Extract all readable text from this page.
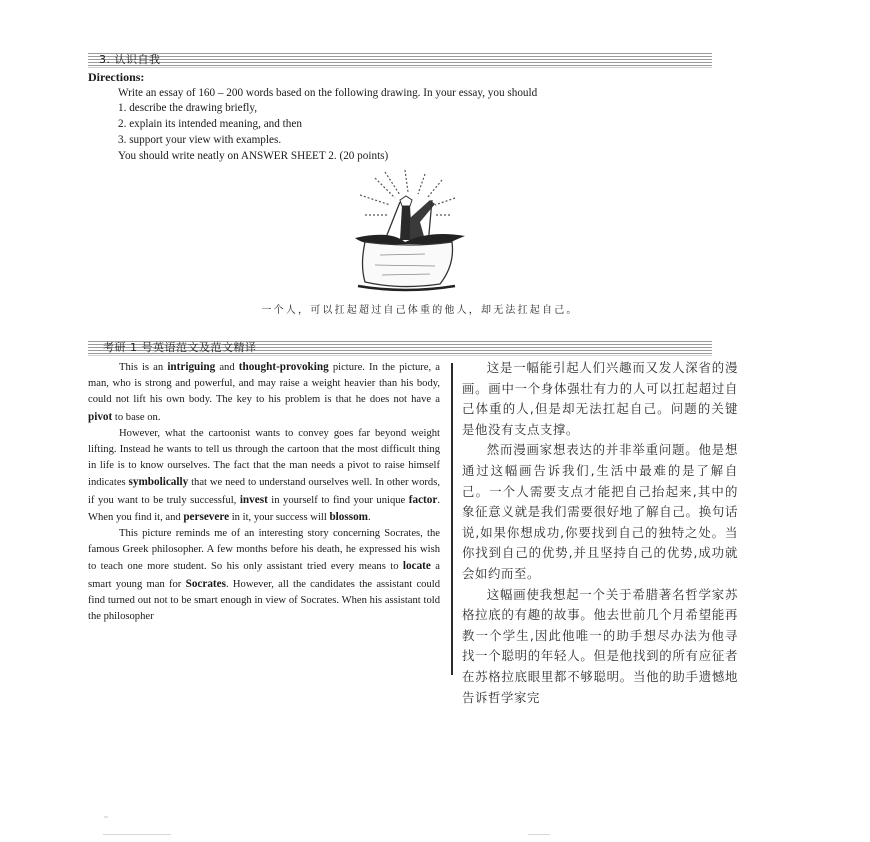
3. 认识自我
Directions:
Write an essay of 160 – 200 words based on the following drawing. In your essay, you should
1. describe the drawing briefly,
2. explain its intended meaning, and then
3. support your view with examples.
You should write neatly on ANSWER SHEET 2. (20 points)
一个人，可以扛起超过自己体重的他人，却无法扛起自己。
考研 1 号英语范文及范文精译

This is an intriguing and thought-provoking picture. In the picture, a man, who is strong and powerful, and may raise a weight heavier than his body, could not lift his own body. The key to his problem is that he does not have a pivot to base on.

However, what the cartoonist wants to convey goes far beyond weight lifting. Instead he wants to tell us through the cartoon that the most difficult thing in life is to know ourselves. The fact that the man needs a pivot to raise himself indicates symbolically that we need to understand ourselves well. In other words, if you want to be truly successful, invest in yourself to find your unique factor. When you find it, and persevere in it, your success will blossom.

This picture reminds me of an interesting story concerning Socrates, the famous Greek philosopher. A few months before his death, he expressed his wish to teach one more student. So his only assistant tried every means to locate a smart young man for Socrates. However, all the candidates the assistant could find turned out not to be smart enough in view of Socrates. When his assistant told the philosopher

这是一幅能引起人们兴趣而又发人深省的漫画。画中一个身体强壮有力的人可以扛起超过自己体重的人,但是却无法扛起自己。问题的关键是他没有支点支撑。

然而漫画家想表达的并非举重问题。他是想通过这幅画告诉我们,生活中最难的是了解自己。一个人需要支点才能把自己抬起来,其中的象征意义就是我们需要很好地了解自己。换句话说,如果你想成功,你要找到自己的独特之处。当你找到自己的优势,并且坚持自己的优势,成功就会如约而至。

这幅画使我想起一个关于希腊著名哲学家苏格拉底的有趣的故事。他去世前几个月希望能再教一个学生,因此他唯一的助手想尽办法为他寻找一个聪明的年轻人。但是他找到的所有应征者在苏格拉底眼里都不够聪明。当他的助手遗憾地告诉哲学家完
